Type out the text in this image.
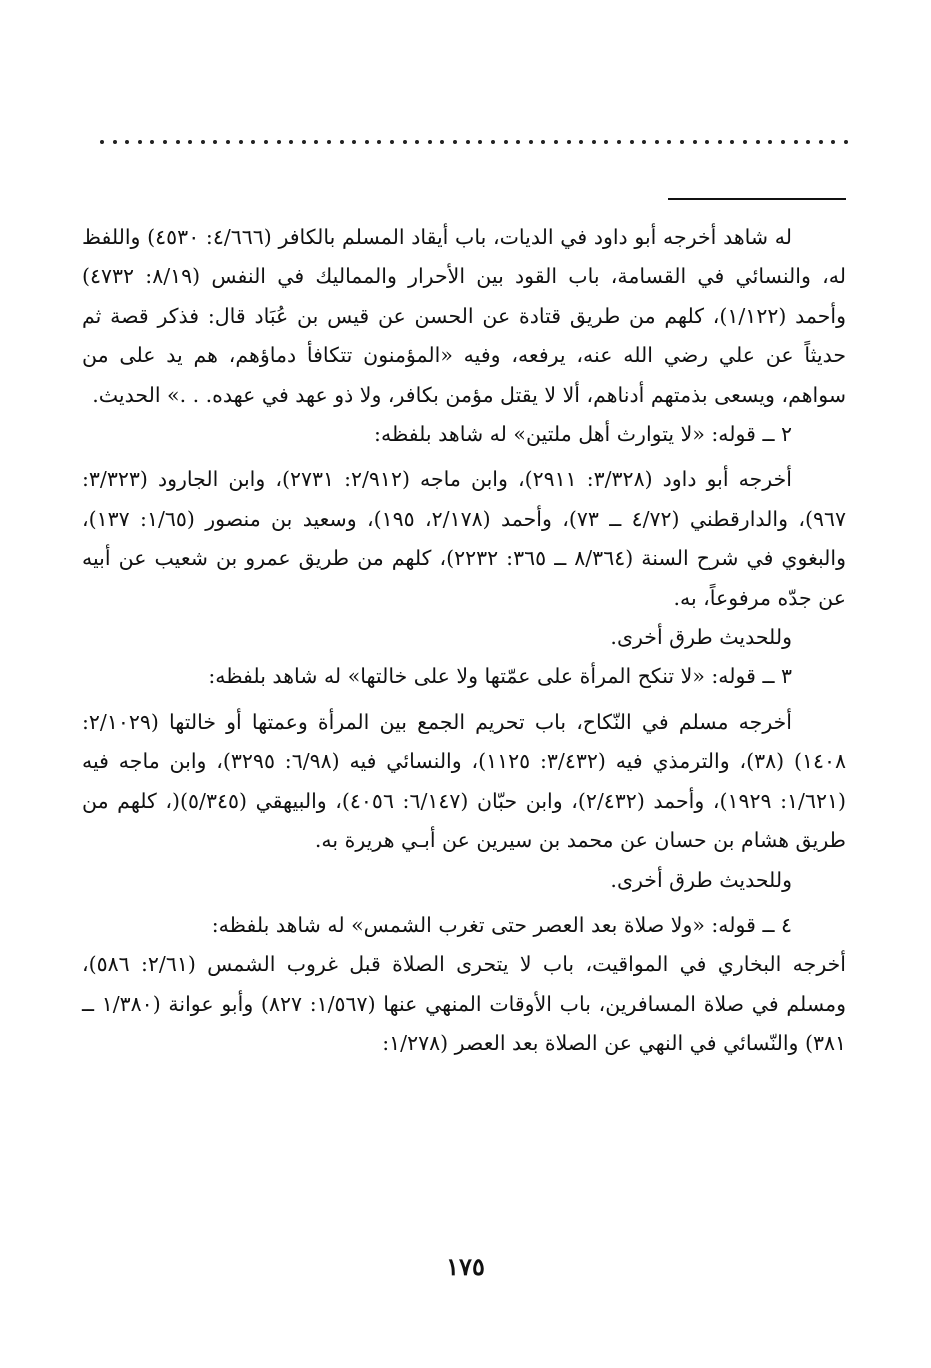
له شاهد أخرجه أبو داود في الديات، باب أيقاد المسلم بالكافر (٤/٦٦٦: ٤٥٣٠) واللفظ له، والنسائي في القسامة، باب القود بين الأحرار والمماليك في النفس (٨/١٩: ٤٧٣٢) وأحمد (١/١٢٢)، كلهم من طريق قتادة عن الحسن عن قيس بن عُبَاد قال: فذكر قصة ثم حديثاً عن علي رضي الله عنه، يرفعه، وفيه «المؤمنون تتكافأ دماؤهم، هم يد على من سواهم، ويسعى بذمتهم أدناهم، ألا لا يقتل مؤمن بكافر، ولا ذو عهد في عهده. . .» الحديث.

٢ ــ قوله: «لا يتوارث أهل ملتين» له شاهد بلفظه:

أخرجه أبو داود (٣/٣٢٨: ٢٩١١)، وابن ماجه (٢/٩١٢: ٢٧٣١)، وابن الجارود (٣/٣٢٣: ٩٦٧)، والدارقطني (٤/٧٢ ــ ٧٣)، وأحمد (٢/١٧٨، ١٩٥)، وسعيد بن منصور (١/٦٥: ١٣٧)، والبغوي في شرح السنة (٨/٣٦٤ ــ ٣٦٥: ٢٢٣٢)، كلهم من طريق عمرو بن شعيب عن أبيه عن جدّه مرفوعاً، به.

وللحديث طرق أخرى.

٣ ــ قوله: «لا تنكح المرأة على عمّتها ولا على خالتها» له شاهد بلفظه:

أخرجه مسلم في النّكاح، باب تحريم الجمع بين المرأة وعمتها أو خالتها (٢/١٠٢٩: ١٤٠٨) (٣٨)، والترمذي فيه (٣/٤٣٢: ١١٢٥)، والنسائي فيه (٦/٩٨: ٣٢٩٥)، وابن ماجه فيه (١/٦٢١: ١٩٢٩)، وأحمد (٢/٤٣٢)، وابن حبّان (٦/١٤٧: ٤٠٥٦)، والبيهقي (٥/٣٤٥)(، كلهم من طريق هشام بن حسان عن محمد بن سيرين عن أبـي هريرة به.

وللحديث طرق أخرى.

٤ ــ قوله: «ولا صلاة بعد العصر حتى تغرب الشمس» له شاهد بلفظه:

أخرجه البخاري في المواقيت، باب لا يتحرى الصلاة قبل غروب الشمس (٢/٦١: ٥٨٦)، ومسلم في صلاة المسافرين، باب الأوقات المنهي عنها (١/٥٦٧: ٨٢٧) وأبو عوانة (١/٣٨٠ ــ ٣٨١) والنّسائي في النهي عن الصلاة بعد العصر (١/٢٧٨:

١٧٥
